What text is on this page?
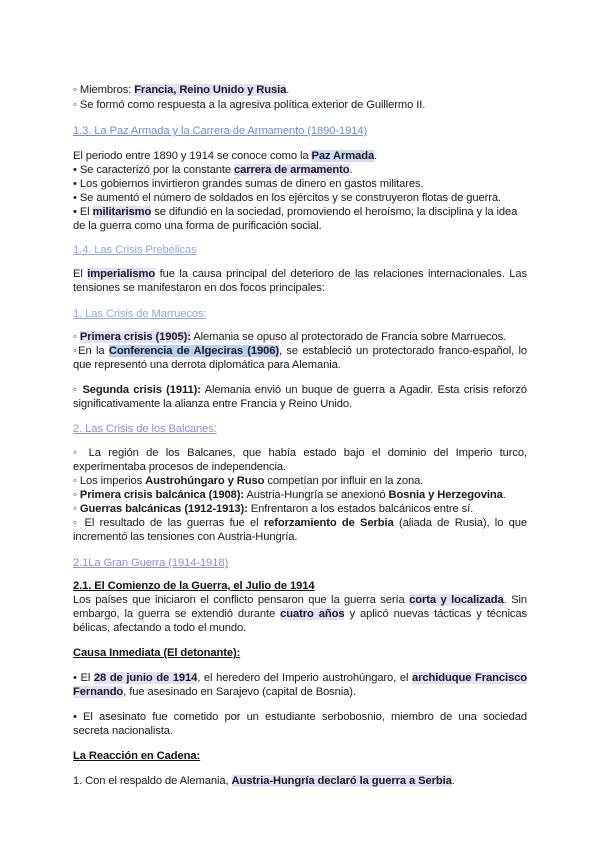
◦ Miembros: Francia, Reino Unido y Rusia.
◦ Se formó como respuesta a la agresiva política exterior de Guillermo II.
1.3. La Paz Armada y la Carrera de Armamento (1890-1914)
El periodo entre 1890 y 1914 se conoce como la Paz Armada.
• Se caracterizó por la constante carrera de armamento.
• Los gobiernos invirtieron grandes sumas de dinero en gastos militares.
• Se aumentó el número de soldados en los ejércitos y se construyeron flotas de guerra.
• El militarismo se difundió en la sociedad, promoviendo el heroísmo, la disciplina y la idea
de la guerra como una forma de purificación social.
1.4. Las Crisis Prebélicas
El imperialismo fue la causa principal del deterioro de las relaciones internacionales. Las
tensiones se manifestaron en dos focos principales:
1. Las Crisis de Marruecos:
◦ Primera crisis (1905): Alemania se opuso al protectorado de Francia sobre Marruecos.
◦En la Conferencia de Algeciras (1906), se estableció un protectorado franco-español, lo
que representó una derrota diplomática para Alemania.
◦ Segunda crisis (1911): Alemania envió un buque de guerra a Agadir. Esta crisis reforzó
significativamente la alianza entre Francia y Reino Unido.
2. Las Crisis de los Balcanes:
◦ La región de los Balcanes, que había estado bajo el dominio del Imperio turco,
experimentaba procesos de independencia.
◦ Los imperios Austrohúngaro y Ruso competían por influir en la zona.
◦ Primera crisis balcánica (1908): Austria-Hungría se anexionó Bosnia y Herzegovina.
◦ Guerras balcánicas (1912-1913): Enfrentaron a los estados balcánicos entre sí.
◦ El resultado de las guerras fue el reforzamiento de Serbia (aliada de Rusia), lo que
incrementó las tensiones con Austria-Hungría.
2.1La Gran Guerra (1914-1918)
2.1. El Comienzo de la Guerra, el Julio de 1914
Los países que iniciaron el conflicto pensaron que la guerra sería corta y localizada. Sin
embargo, la guerra se extendió durante cuatro años y aplicó nuevas tácticas y técnicas
bélicas, afectando a todo el mundo.
Causa Inmediata (El detonante):
• El 28 de junio de 1914, el heredero del Imperio austrohúngaro, el archiduque Francisco
Fernando, fue asesinado en Sarajevo (capital de Bosnia).
• El asesinato fue cometido por un estudiante serbobosnio, miembro de una sociedad
secreta nacionalista.
La Reacción en Cadena:
1. Con el respaldo de Alemania, Austria-Hungría declaró la guerra a Serbia.
